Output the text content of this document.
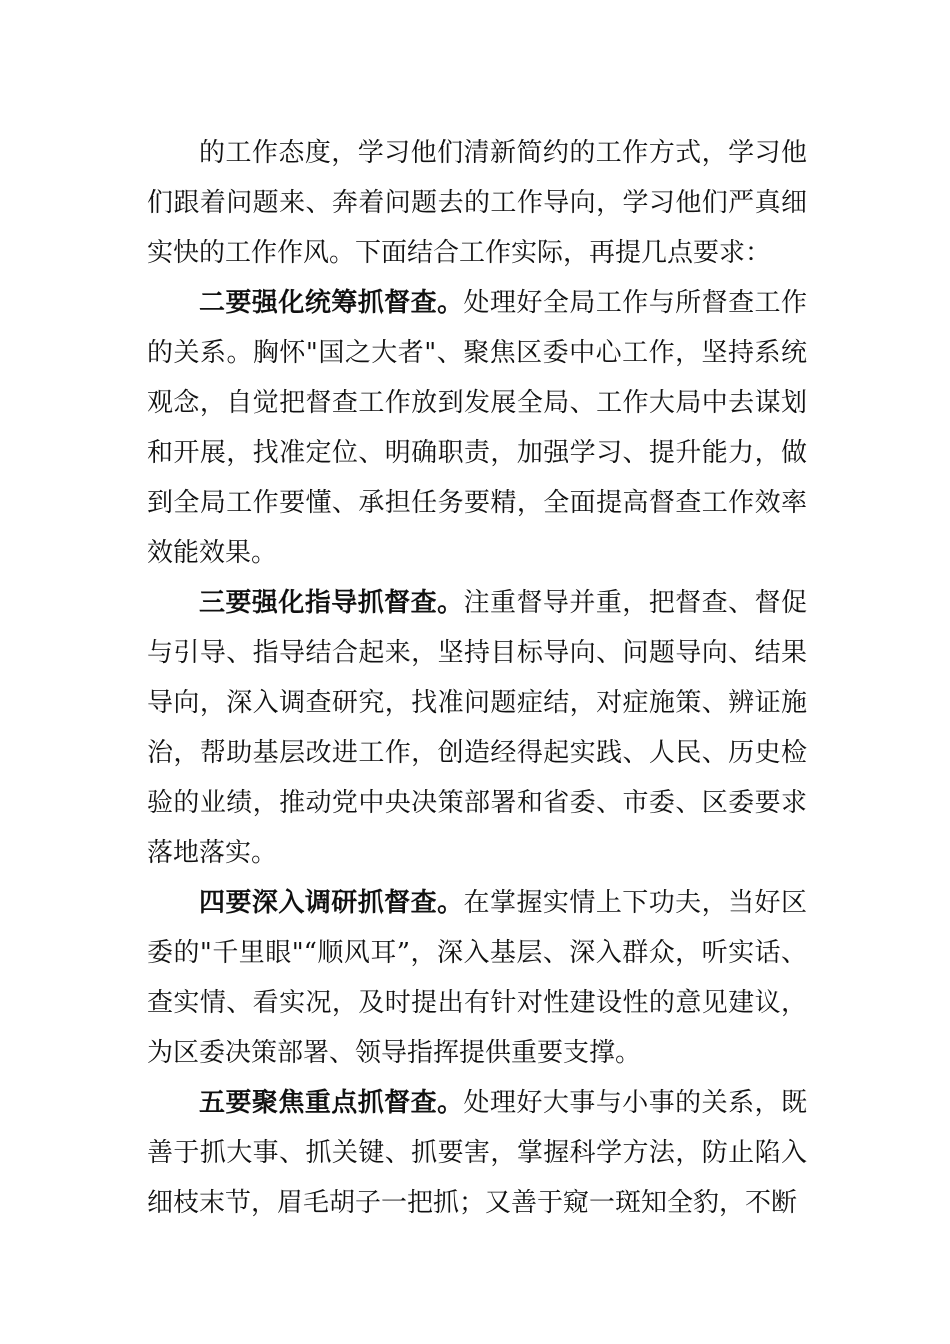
的工作态度，学习他们清新简约的工作方式，学习他们跟着问题来、奔着问题去的工作导向，学习他们严真细实快的工作作风。下面结合工作实际，再提几点要求：

二要强化统筹抓督查。处理好全局工作与所督查工作的关系。胸怀"国之大者"、聚焦区委中心工作，坚持系统观念，自觉把督查工作放到发展全局、工作大局中去谋划和开展，找准定位、明确职责，加强学习、提升能力，做到全局工作要懂、承担任务要精，全面提高督查工作效率效能效果。

三要强化指导抓督查。注重督导并重，把督查、督促与引导、指导结合起来，坚持目标导向、问题导向、结果导向，深入调查研究，找准问题症结，对症施策、辨证施治，帮助基层改进工作，创造经得起实践、人民、历史检验的业绩，推动党中央决策部署和省委、市委、区委要求落地落实。

四要深入调研抓督查。在掌握实情上下功夫，当好区委的"千里眼"“顺风耳”，深入基层、深入群众，听实话、查实情、看实况，及时提出有针对性建设性的意见建议，为区委决策部署、领导指挥提供重要支撑。

五要聚焦重点抓督查。处理好大事与小事的关系，既善于抓大事、抓关键、抓要害，掌握科学方法，防止陷入细枝末节，眉毛胡子一把抓；又善于窥一斑知全豹，不断
